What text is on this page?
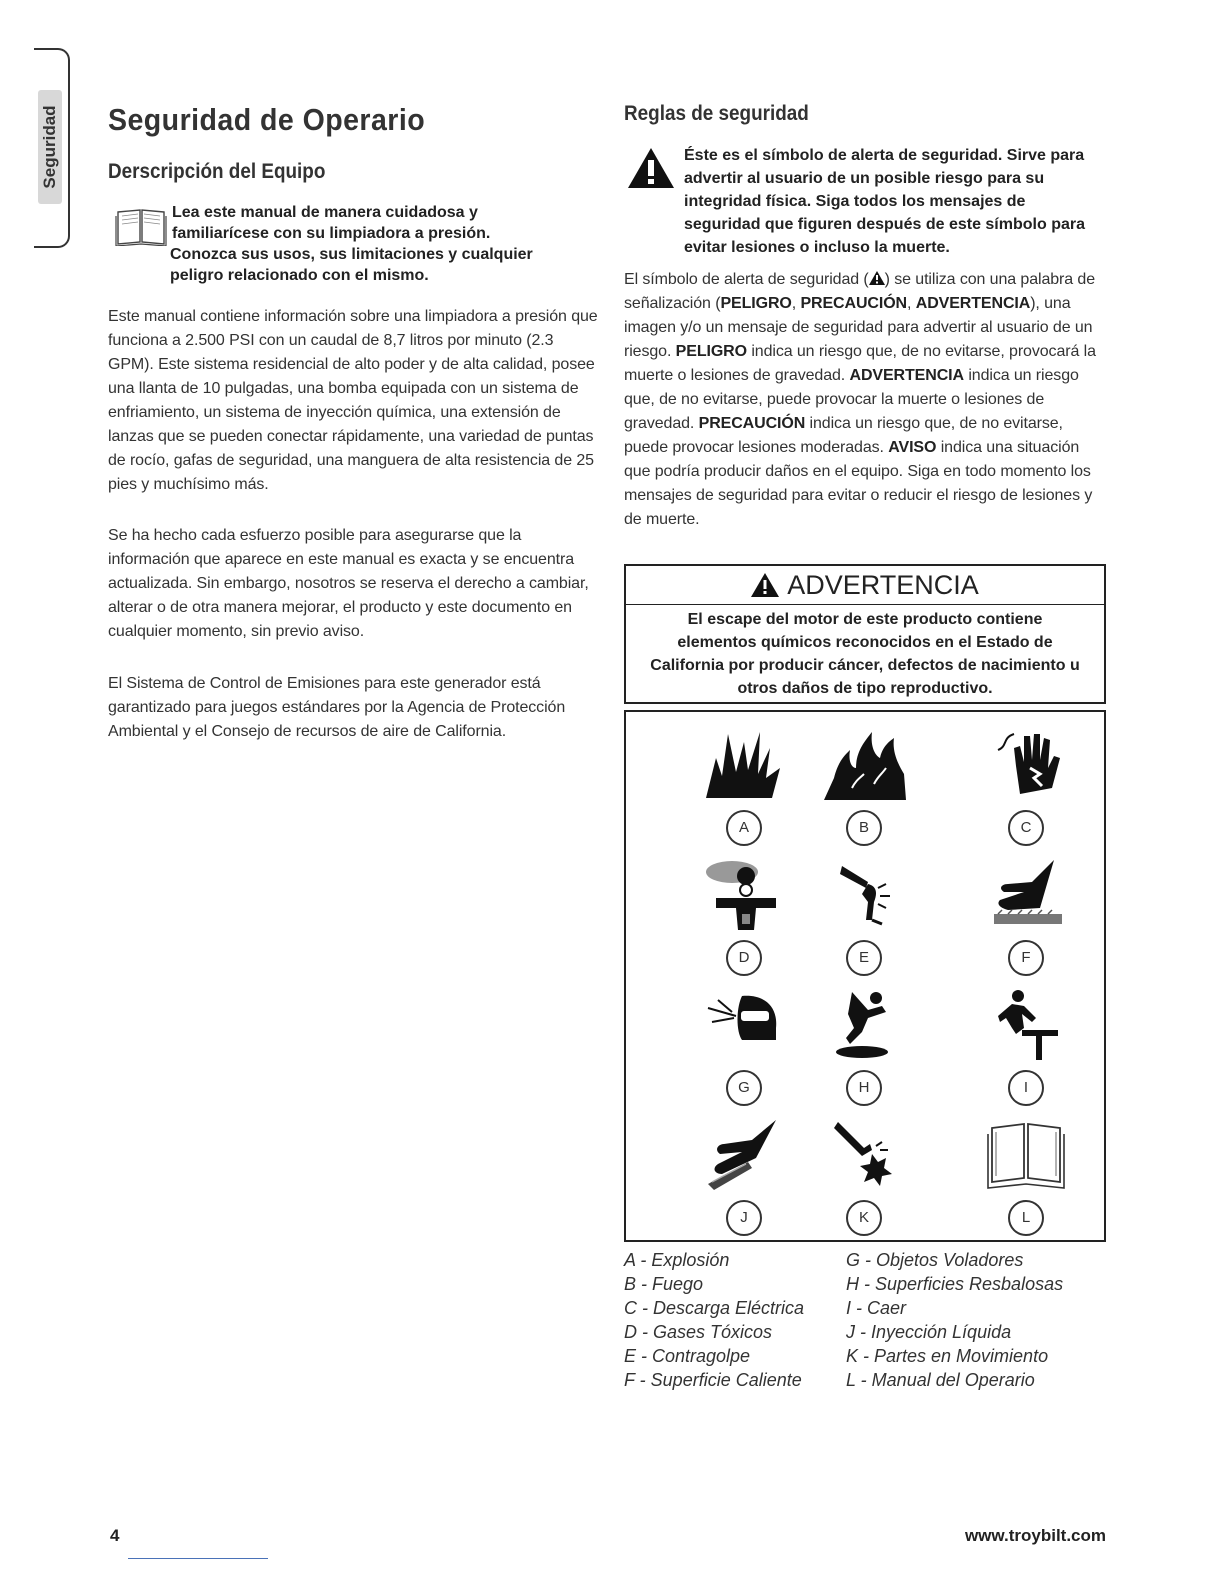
Seguridad Seguridad de Operario
Derscripción del Equipo

Lea este manual de manera cuidadosa y

familiarícese con su limpiadora a presión.

Conozca sus usos, sus limitaciones y cualquier

peligro relacionado con el mismo.

Este manual contiene información sobre una limpiadora a presión que funciona a 2.500 PSI con un caudal de 8,7 litros por minuto (2.3 GPM). Este sistema residencial de alto poder y de alta calidad, posee una llanta de 10 pulgadas, una bomba equipada con un sistema de enfriamiento, un sistema de inyección química, una extensión de lanzas que se pueden conectar rápidamente, una variedad de puntas de rocío, gafas de seguridad, una manguera de alta resistencia de 25 pies y muchísimo más.

Se ha hecho cada esfuerzo posible para asegurarse que la información que aparece en este manual es exacta y se encuentra actualizada. Sin embargo, nosotros se reserva el derecho a cambiar, alterar o de otra manera mejorar, el producto y este documento en cualquier momento, sin previo aviso.

El Sistema de Control de Emisiones para este generador está garantizado para juegos estándares por la Agencia de Protección Ambiental y el Consejo de recursos de aire de California.

Reglas de seguridad

Éste es el símbolo de alerta de seguridad. Sirve para advertir al usuario de un posible riesgo para su integridad física. Siga todos los mensajes de seguridad que figuren después de este símbolo para evitar lesiones o incluso la muerte.

El símbolo de alerta de seguridad ( ) se utiliza con una palabra de señalización (PELIGRO, PRECAUCIÓN, ADVERTENCIA), una imagen y/o un mensaje de seguridad para advertir al usuario de un riesgo. PELIGRO indica un riesgo que, de no evitarse, provocará la muerte o lesiones de gravedad. ADVERTENCIA indica un riesgo que, de no evitarse, puede provocar la muerte o lesiones de gravedad. PRECAUCIÓN indica un riesgo que, de no evitarse, puede provocar lesiones moderadas. AVISO indica una situación que podría producir daños en el equipo. Siga en todo momento los mensajes de seguridad para evitar o reducir el riesgo de lesiones y de muerte.

ADVERTENCIA
El escape del motor de este producto contiene
elementos químicos reconocidos en el Estado de
California por producir cáncer, defectos de nacimiento u
otros daños de tipo reproductivo.
A	B	C
D	E	F
G	H	I
J	K	L
A - Explosión
B - Fuego
C - Descarga Eléctrica
D - Gases Tóxicos
E - Contragolpe
F - Superficie Caliente
G - Objetos Voladores
H - Superficies Resbalosas
I - Caer
J - Inyección Líquida
K - Partes en Movimiento
L - Manual del Operario
4	www.troybilt.com
